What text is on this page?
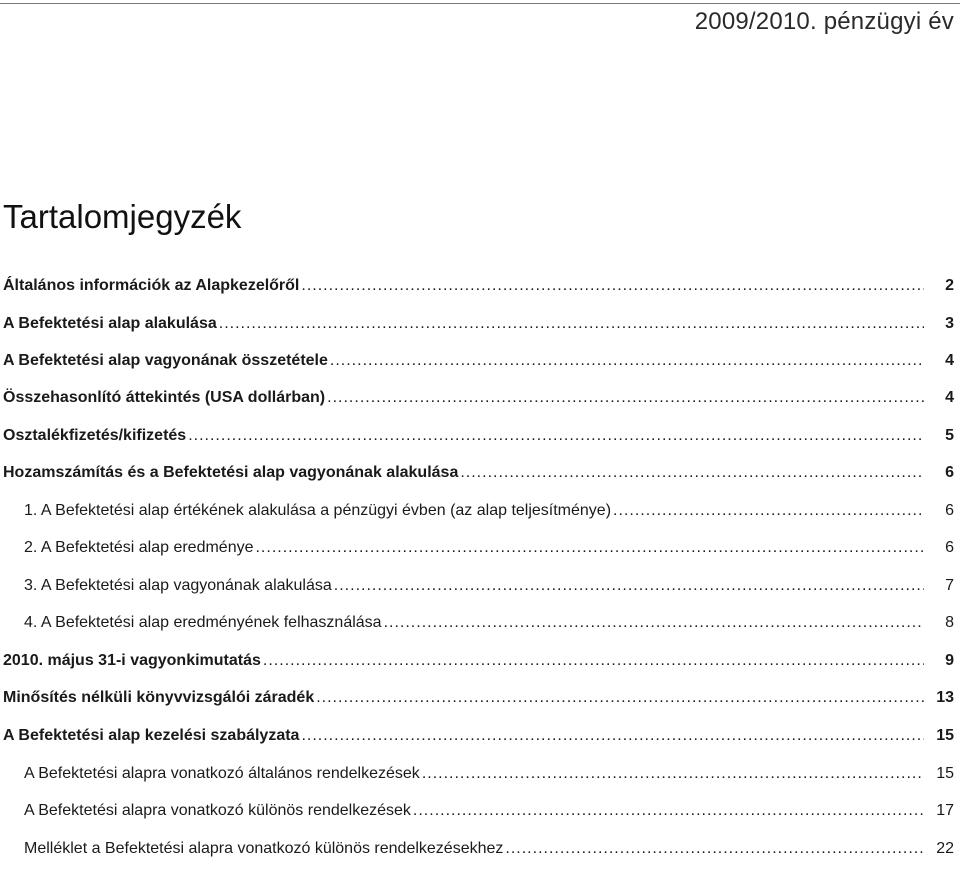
2009/2010. pénzügyi év
Tartalomjegyzék
Általános információk az Alapkezelőről .....	2
A Befektetési alap alakulása .....	3
A Befektetési alap vagyonának összetétele .....	4
Összehasonlító áttekintés (USA dollárban) .....	4
Osztalékfizetés/kifizetés .....	5
Hozamszámítás és a Befektetési alap vagyonának alakulása .....	6
1. A Befektetési alap értékének alakulása a pénzügyi évben (az alap teljesítménye) .....	6
2. A Befektetési alap eredménye .....	6
3. A Befektetési alap vagyonának alakulása .....	7
4. A Befektetési alap eredményének felhasználása .....	8
2010. május 31-i vagyonkimutatás .....	9
Minősítés nélküli könyvvizsgálói záradék .....	13
A Befektetési alap kezelési szabályzata .....	15
A Befektetési alapra vonatkozó általános rendelkezések .....	15
A Befektetési alapra vonatkozó különös rendelkezések .....	17
Melléklet a Befektetési alapra vonatkozó különös rendelkezésekhez .....	22
